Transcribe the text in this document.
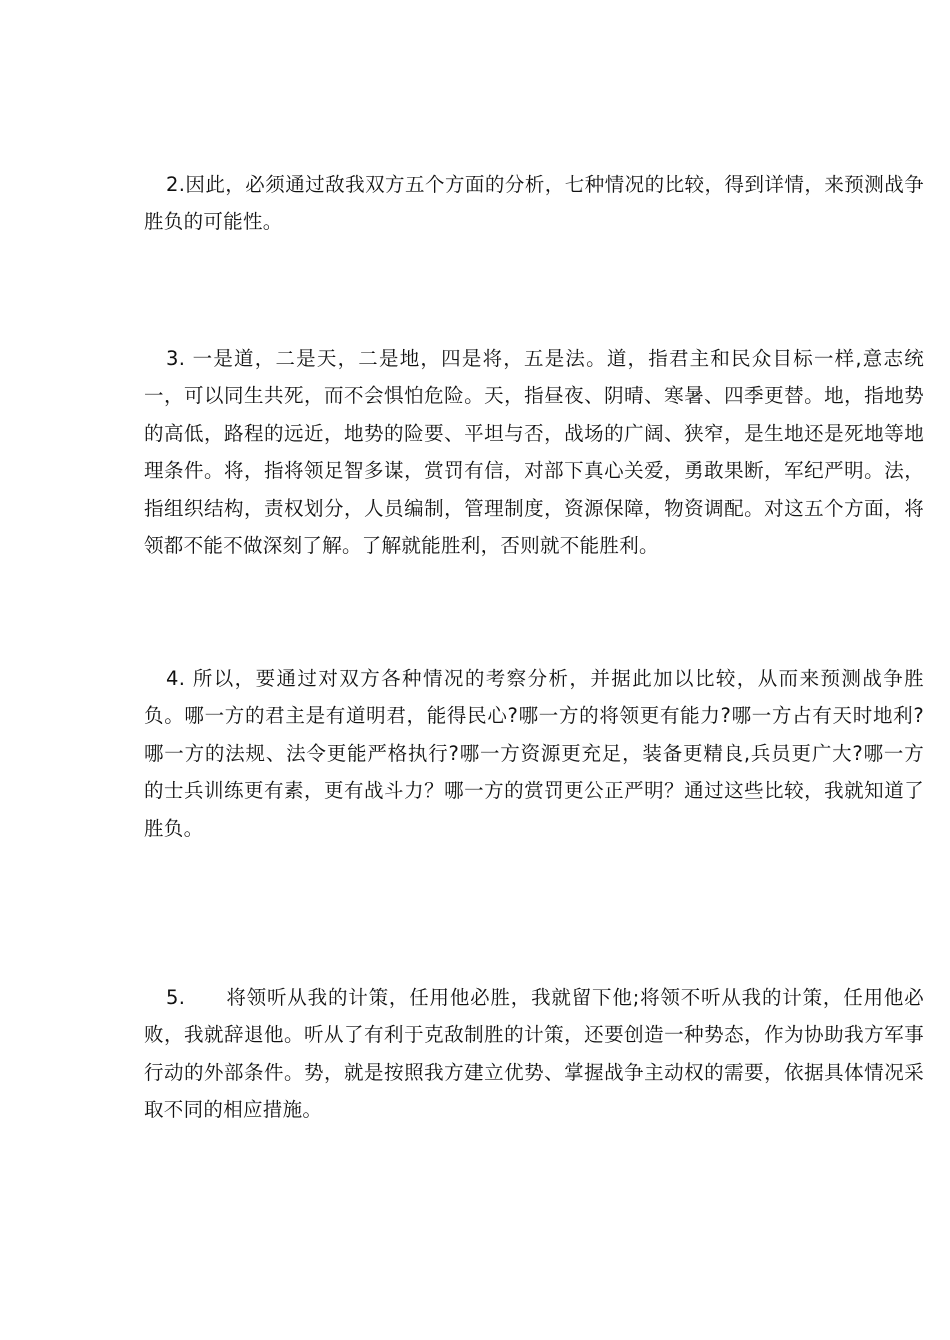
2.因此，必须通过敌我双方五个方面的分析，七种情况的比较，得到详情，来预测战争胜负的可能性。

3. 一是道，二是天，二是地，四是将，五是法。道，指君主和民众目标一样,意志统一，可以同生共死，而不会惧怕危险。天，指昼夜、阴晴、寒暑、四季更替。地，指地势的高低，路程的远近，地势的险要、平坦与否，战场的广阔、狭窄，是生地还是死地等地理条件。将，指将领足智多谋，赏罚有信，对部下真心关爱，勇敢果断，军纪严明。法，指组织结构，责权划分，人员编制，管理制度，资源保障，物资调配。对这五个方面，将领都不能不做深刻了解。了解就能胜利，否则就不能胜利。

4. 所以，要通过对双方各种情况的考察分析，并据此加以比较，从而来预测战争胜负。哪一方的君主是有道明君，能得民心?哪一方的将领更有能力?哪一方占有天时地利?哪一方的法规、法令更能严格执行?哪一方资源更充足，装备更精良,兵员更广大?哪一方的士兵训练更有素，更有战斗力？哪一方的赏罚更公正严明？通过这些比较，我就知道了胜负。

5.　　将领听从我的计策，任用他必胜，我就留下他;将领不听从我的计策，任用他必败，我就辞退他。听从了有利于克敌制胜的计策，还要创造一种势态，作为协助我方军事行动的外部条件。势，就是按照我方建立优势、掌握战争主动权的需要，依据具体情况采取不同的相应措施。
